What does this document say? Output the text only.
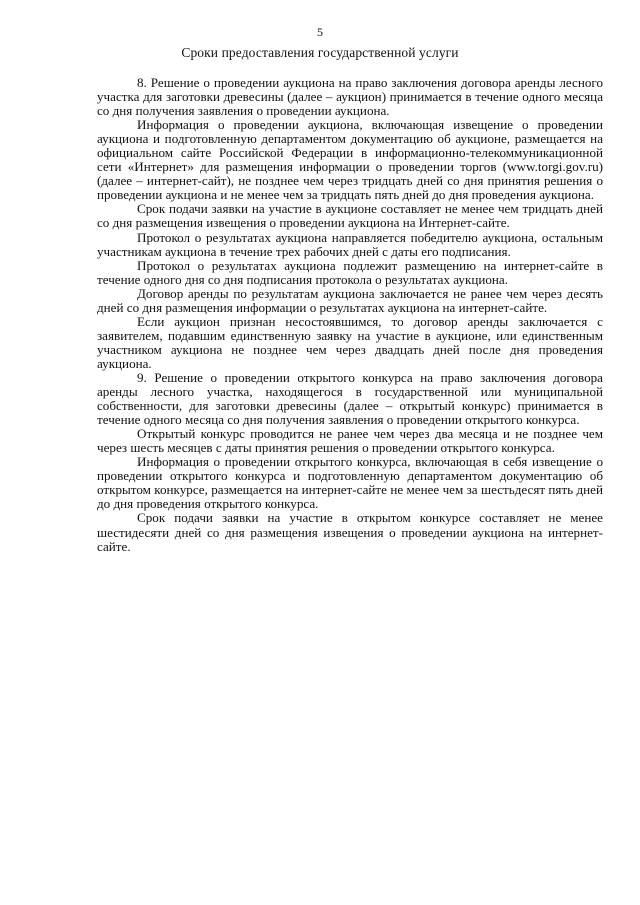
5
Сроки предоставления государственной услуги

8. Решение о проведении аукциона на право заключения договора аренды лесного участка для заготовки древесины (далее – аукцион) принимается в течение одного месяца со дня получения заявления о проведении аукциона.

Информация о проведении аукциона, включающая извещение о проведении аукциона и подготовленную департаментом документацию об аукционе, размещается на официальном сайте Российской Федерации в информационно-телекоммуникационной сети «Интернет» для размещения информации о проведении торгов (www.torgi.gov.ru) (далее – интернет-сайт), не позднее чем через тридцать дней со дня принятия решения о проведении аукциона и не менее чем за тридцать пять дней до дня проведения аукциона.

Срок подачи заявки на участие в аукционе составляет не менее чем тридцать дней со дня размещения извещения о проведении аукциона на Интернет-сайте.

Протокол о результатах аукциона направляется победителю аукциона, остальным участникам аукциона в течение трех рабочих дней с даты его подписания.

Протокол о результатах аукциона подлежит размещению на интернет-сайте в течение одного дня со дня подписания протокола о результатах аукциона.

Договор аренды по результатам аукциона заключается не ранее чем через десять дней со дня размещения информации о результатах аукциона на интернет-сайте.

Если аукцион признан несостоявшимся, то договор аренды заключается с заявителем, подавшим единственную заявку на участие в аукционе, или единственным участником аукциона не позднее чем через двадцать дней после дня проведения аукциона.

9. Решение о проведении открытого конкурса на право заключения договора аренды лесного участка, находящегося в государственной или муниципальной собственности, для заготовки древесины (далее – открытый конкурс) принимается в течение одного месяца со дня получения заявления о проведении открытого конкурса.

Открытый конкурс проводится не ранее чем через два месяца и не позднее чем через шесть месяцев с даты принятия решения о проведении открытого конкурса.

Информация о проведении открытого конкурса, включающая в себя извещение о проведении открытого конкурса и подготовленную департаментом документацию об открытом конкурсе, размещается на интернет-сайте не менее чем за шестьдесят пять дней до дня проведения открытого конкурса.

Срок подачи заявки на участие в открытом конкурсе составляет не менее шестидесяти дней со дня размещения извещения о проведении аукциона на интернет-сайте.
